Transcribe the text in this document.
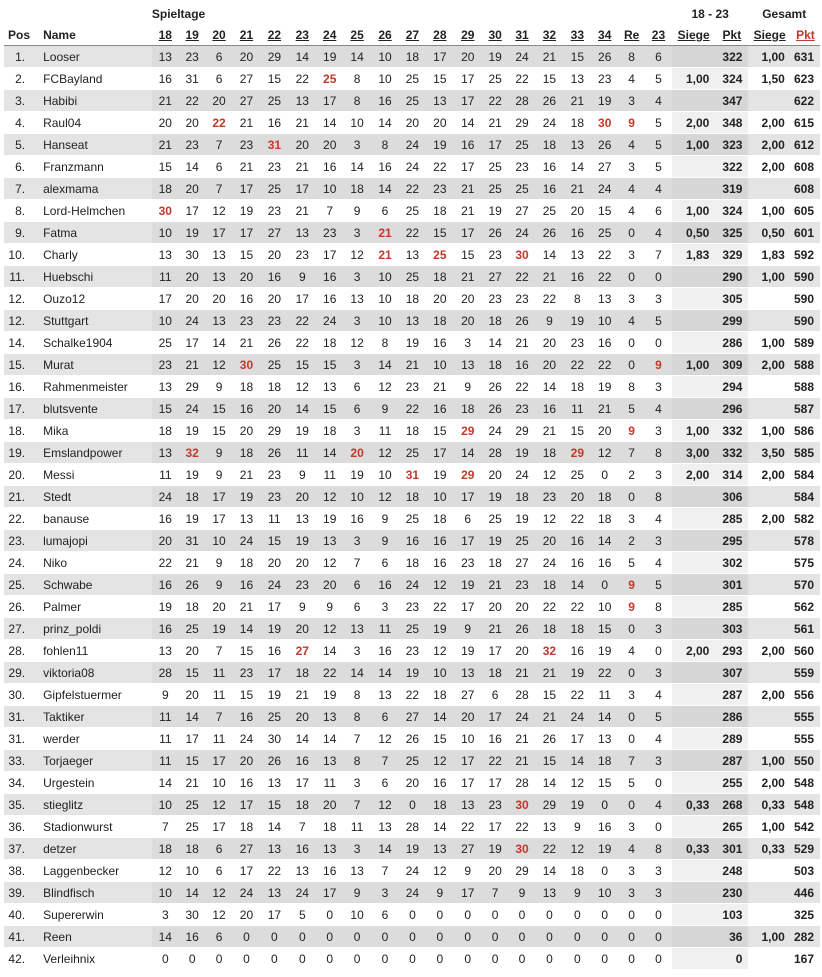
		Spieltage																			18 - 23		Gesamt	
Pos	Name	18	19	20	21	22	23	24	25	26	27	28	29	30	31	32	33	34	Re	23	Siege	Pkt	Siege	Pkt
1.	Looser	13	23	6	20	29	14	19	14	10	18	17	20	19	24	21	15	26	8	6		322	1,00	631
2.	FCBayland	16	31	6	27	15	22	25	8	10	25	15	17	25	22	15	13	23	4	5	1,00	324	1,50	623
3.	Habibi	21	22	20	27	25	13	17	8	16	25	13	17	22	28	26	21	19	3	4		347		622
4.	Raul04	20	20	22	21	16	21	14	10	14	20	20	14	21	29	24	18	30	9	5	2,00	348	2,00	615
5.	Hanseat	21	23	7	23	31	20	20	3	8	24	19	16	17	25	18	13	26	4	5	1,00	323	2,00	612
6.	Franzmann	15	14	6	21	23	21	16	14	16	24	22	17	25	23	16	14	27	3	5		322	2,00	608
7.	alexmama	18	20	7	17	25	17	10	18	14	22	23	21	25	25	16	21	24	4	4		319		608
8.	Lord-Helmchen	30	17	12	19	23	21	7	9	6	25	18	21	19	27	25	20	15	4	6	1,00	324	1,00	605
9.	Fatma	10	19	17	17	27	13	23	3	21	22	15	17	26	24	26	16	25	0	4	0,50	325	0,50	601
10.	Charly	13	30	13	15	20	23	17	12	21	13	25	15	23	30	14	13	22	3	7	1,83	329	1,83	592
11.	Huebschi	11	20	13	20	16	9	16	3	10	25	18	21	27	22	21	16	22	0	0		290	1,00	590
12.	Ouzo12	17	20	20	16	20	17	16	13	10	18	20	20	23	23	22	8	13	3	3		305		590
12.	Stuttgart	10	24	13	23	23	22	24	3	10	13	18	20	18	26	9	19	10	4	5		299		590
14.	Schalke1904	25	17	14	21	26	22	18	12	8	19	16	3	14	21	20	23	16	0	0		286	1,00	589
15.	Murat	23	21	12	30	25	15	15	3	14	21	10	13	18	16	20	22	22	0	9	1,00	309	2,00	588
16.	Rahmenmeister	13	29	9	18	18	12	13	6	12	23	21	9	26	22	14	18	19	8	3		294		588
17.	blutsvente	15	24	15	16	20	14	15	6	9	22	16	18	26	23	16	11	21	5	4		296		587
18.	Mika	18	19	15	20	29	19	18	3	11	18	15	29	24	29	21	15	20	9	3	1,00	332	1,00	586
19.	Emslandpower	13	32	9	18	26	11	14	20	12	25	17	14	28	19	18	29	12	7	8	3,00	332	3,50	585
20.	Messi	11	19	9	21	23	9	11	19	10	31	19	29	20	24	12	25	0	2	3	2,00	314	2,00	584
21.	Stedt	24	18	17	19	23	20	12	10	12	18	10	17	19	18	23	20	18	0	8		306		584
22.	banause	16	19	17	13	11	13	19	16	9	25	18	6	25	19	12	22	18	3	4		285	2,00	582
23.	lumajopi	20	31	10	24	15	19	13	3	9	16	16	17	19	25	20	16	14	2	3		295		578
24.	Niko	22	21	9	18	20	20	12	7	6	18	16	23	18	27	24	16	16	5	4		302		575
25.	Schwabe	16	26	9	16	24	23	20	6	16	24	12	19	21	23	18	14	0	9	5		301		570
26.	Palmer	19	18	20	21	17	9	9	6	3	23	22	17	20	20	22	22	10	9	8		285		562
27.	prinz_poldi	16	25	19	14	19	20	12	13	11	25	19	9	21	26	18	18	15	0	3		303		561
28.	fohlen11	13	20	7	15	16	27	14	3	16	23	12	19	17	20	32	16	19	4	0	2,00	293	2,00	560
29.	viktoria08	28	15	11	23	17	18	22	14	14	19	10	13	18	21	21	19	22	0	3		307		559
30.	Gipfelstuermer	9	20	11	15	19	21	19	8	13	22	18	27	6	28	15	22	11	3	4		287	2,00	556
31.	Taktiker	11	14	7	16	25	20	13	8	6	27	14	20	17	24	21	24	14	0	5		286		555
31.	werder	11	17	11	24	30	14	14	7	12	26	15	10	16	21	26	17	13	0	4		289		555
33.	Torjaeger	11	15	17	20	26	16	13	8	7	25	12	17	22	21	15	14	18	7	3		287	1,00	550
34.	Urgestein	14	21	10	16	13	17	11	3	6	20	16	17	17	28	14	12	15	5	0		255	2,00	548
35.	stieglitz	10	25	12	17	15	18	20	7	12	0	18	13	23	30	29	19	0	0	4	0,33	268	0,33	548
36.	Stadionwurst	7	25	17	18	14	7	18	11	13	28	14	22	17	22	13	9	16	3	0		265	1,00	542
37.	detzer	18	18	6	27	13	16	13	3	14	19	13	27	19	30	22	12	19	4	8	0,33	301	0,33	529
38.	Laggenbecker	12	10	6	17	22	13	16	13	7	24	12	9	20	29	14	18	0	3	3		248		503
39.	Blindfisch	10	14	12	24	13	24	17	9	3	24	9	17	7	9	13	9	10	3	3		230		446
40.	Supererwin	3	30	12	20	17	5	0	10	6	0	0	0	0	0	0	0	0	0	0		103		325
41.	Reen	14	16	6	0	0	0	0	0	0	0	0	0	0	0	0	0	0	0	0		36	1,00	282
42.	Verleihnix	0	0	0	0	0	0	0	0	0	0	0	0	0	0	0	0	0	0	0		0		167
